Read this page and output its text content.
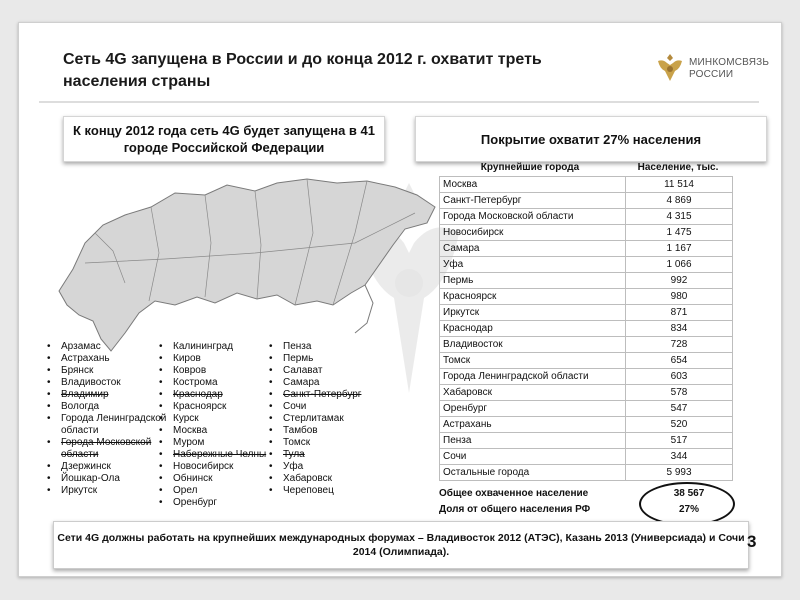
Сеть 4G запущена в России и до конца 2012 г. охватит треть населения страны
МИНКОМСВЯЗЬ
РОССИИ
К концу 2012 года сеть 4G будет запущена в 41 городе Российской Федерации
Покрытие охватит 27% населения
• Арзамас
• Астрахань
• Брянск
• Владивосток
• Владимир
• Вологда
• Города Ленинградской области
• Города Московской области
• Дзержинск
• Йошкар-Ола
• Иркутск
• Калининград
• Киров
• Ковров
• Кострома
• Краснодар
• Красноярск
• Курск
• Москва
• Муром
• Набережные Челны
• Новосибирск
• Обнинск
• Орел
• Оренбург
• Пенза
• Пермь
• Салават
• Самара
• Санкт-Петербург
• Сочи
• Стерлитамак
• Тамбов
• Томск
• Тула
• Уфа
• Хабаровск
• Череповец
Крупнейшие города	Население, тыс.
Москва	11 514
Санкт-Петербург	4 869
Города Московской области	4 315
Новосибирск	1 475
Самара	1 167
Уфа	1 066
Пермь	992
Красноярск	980
Иркутск	871
Краснодар	834
Владивосток	728
Томск	654
Города Ленинградской области	603
Хабаровск	578
Оренбург	547
Астрахань	520
Пенза	517
Сочи	344
Остальные города	5 993
Общее охваченное население	38 567
Доля от общего населения РФ	27%
Сети 4G должны работать на крупнейших международных форумах – Владивосток 2012 (АТЭС), Казань 2013 (Универсиада) и Сочи 2014 (Олимпиада).
3
